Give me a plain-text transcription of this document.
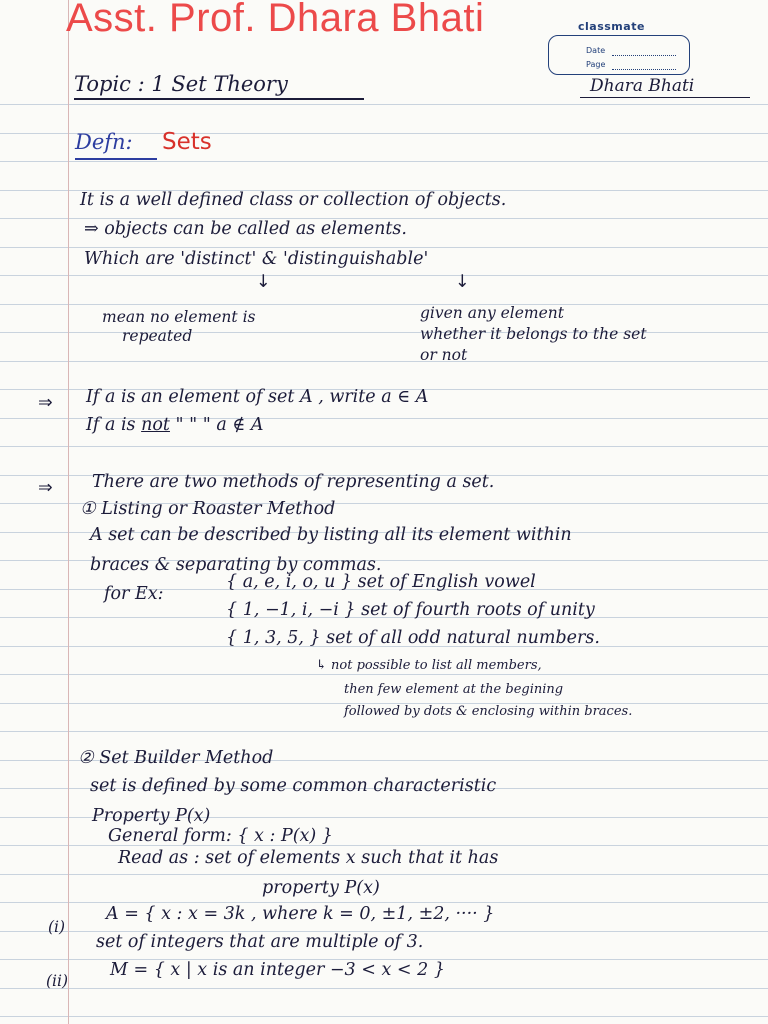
Asst. Prof. Dhara Bhati	classmate
Date
Page
Topic : 1 Set Theory	Dhara Bhati
Defn: Sets
It is a well defined class or collection of objects.
⇒ objects can be called as elements.
Which are 'distinct' & 'distinguishable'
↓	↓
mean no element is
repeated
given any element
whether it belongs to the set
or not
⇒ If a is an element of set A , write a ∈ A
If a is not " " " a ∉ A
⇒ There are two methods of representing a set.
① Listing or Roaster Method
A set can be described by listing all its element within
braces & separating by commas.
for Ex:
{ a, e, i, o, u } set of English vowel
{ 1, −1, i, −i } set of fourth roots of unity
{ 1, 3, 5, } set of all odd natural numbers.
↳ not possible to list all members,
then few element at the begining
followed by dots & enclosing within braces.
② Set Builder Method
set is defined by some common characteristic
Property P(x)
General form: { x : P(x) }
Read as : set of elements x such that it has
property P(x)
(i)
A = { x : x = 3k , where k = 0, ±1, ±2, ···· }
set of integers that are multiple of 3.
(ii)
M = { x | x is an integer −3 < x < 2 }
